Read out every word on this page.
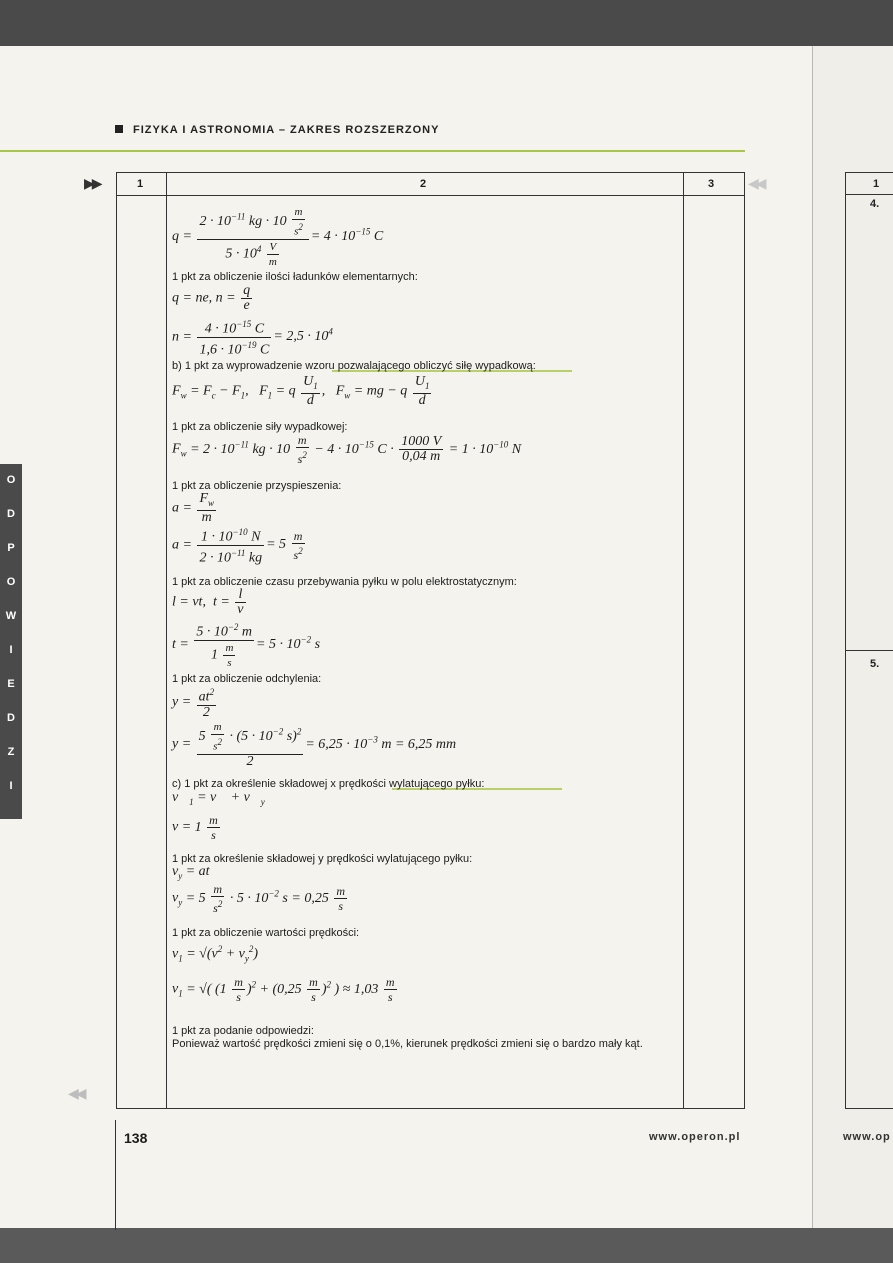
FIZYKA I ASTRONOMIA – ZAKRES ROZSZERZONY
▶▶	◀◀
O
D
P
O
W
I
E
D
Z
I
1	2	3
$q = \frac{2 \cdot 10^{-11} kg \cdot 10 \frac{m}{s^2}}{5 \cdot 10^4 \frac{V}{m}} = 4 \cdot 10^{-15}$ C
1 pkt za obliczenie ilości ładunków elementarnych:
q = ne, $n = \frac{q}{e}$
$n = \frac{4 \cdot 10^{-15} C}{1,6 \cdot 10^{-19} C} = 2,5 \cdot 10^4$
b) 1 pkt za wyprowadzenie wzoru pozwalającego obliczyć siłę wypadkową:
$F_w = F_c - F_1$,   $F_1 = q \frac{U_1}{d}$ ,   $F_w$ = mg − q $\frac{U_1}{d}$
1 pkt za obliczenie siły wypadkowej:
$F_w = 2 \cdot 10^{-11}$ kg · $10 \frac{m}{s^2} - 4 \cdot 10^{-15}$ $C \cdot \frac{1000 V}{0,04 m} = 1 \cdot 10^{-10}$ N
1 pkt za obliczenie przyspieszenia:
$a = \frac{F_w}{m}$
$a = \frac{1 \cdot 10^{-10} N}{2 \cdot 10^{-11} kg} = 5 \frac{m}{s^2}$
1 pkt za obliczenie czasu przebywania pyłku w polu elektrostatycznym:
l = vt,  $t = \frac{l}{v}$
$t = \frac{5 \cdot 10^{-2} m}{1 \frac{m}{s}} = 5 \cdot 10^{-2}$ s
1 pkt za obliczenie odchylenia:
$y = \frac{at^2}{2}$
$y = \frac{5 \frac{m}{s^2} \cdot (5 \cdot 10^{-2} s)^2}{2} = 6,25 \cdot 10^{-3}$ m = 6,25 mm
c) 1 pkt za określenie składowej x prędkości wylatującego pyłku:
$v⃗_1$ = v⃗ + $v⃗_y$
$v = 1 \frac{m}{s}$
1 pkt za określenie składowej y prędkości wylatującego pyłku:
$v_y$ = at
$v_y = 5 \frac{m}{s^2} \cdot 5 \cdot 10^{-2}$ $s = 0,25 \frac{m}{s}$
1 pkt za obliczenie wartości prędkości:
$v_1 = √(v^2 + v_y^2)$
$v_1$ = √( $(1 \frac{m}{s} )^2 + (0,25 \frac{m}{s} )^2$ ) ≈ $1,03 \frac{m}{s}$
1 pkt za podanie odpowiedzi:
Ponieważ wartość prędkości zmieni się o 0,1%, kierunek prędkości zmieni się o bardzo mały kąt.
◀◀
138	www.operon.pl
1
4.
5.
www.op
